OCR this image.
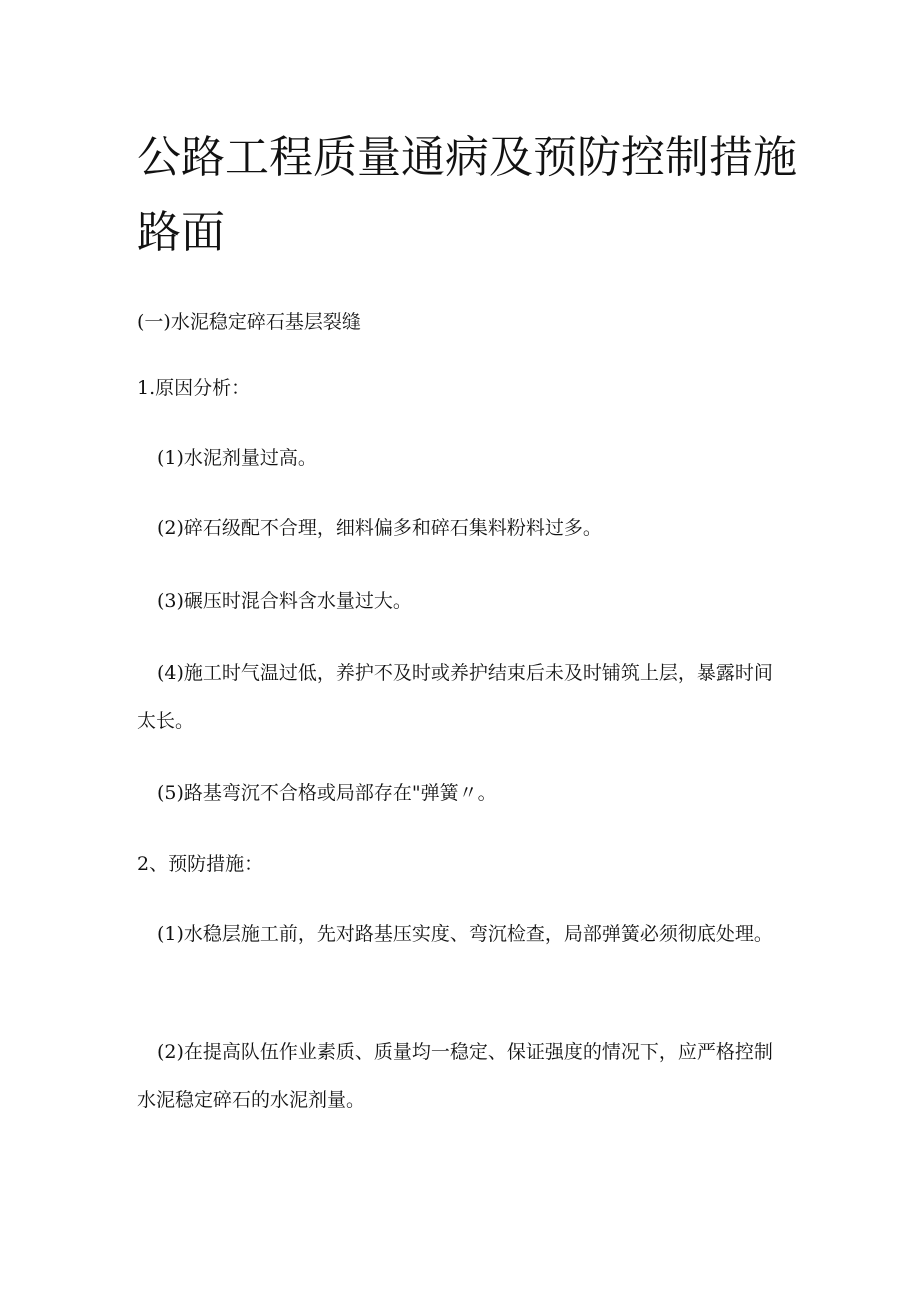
公路工程质量通病及预防控制措施
路面

(一)水泥稳定碎石基层裂缝

1.原因分析：

(1)水泥剂量过高。

(2)碎石级配不合理，细料偏多和碎石集料粉料过多。

(3)碾压时混合料含水量过大。

(4)施工时气温过低，养护不及时或养护结束后未及时铺筑上层，暴露时间太长。

(5)路基弯沉不合格或局部存在"弹簧〃。

2、预防措施：

(1)水稳层施工前，先对路基压实度、弯沉检查，局部弹簧必须彻底处理。

(2)在提高队伍作业素质、质量均一稳定、保证强度的情况下，应严格控制水泥稳定碎石的水泥剂量。
